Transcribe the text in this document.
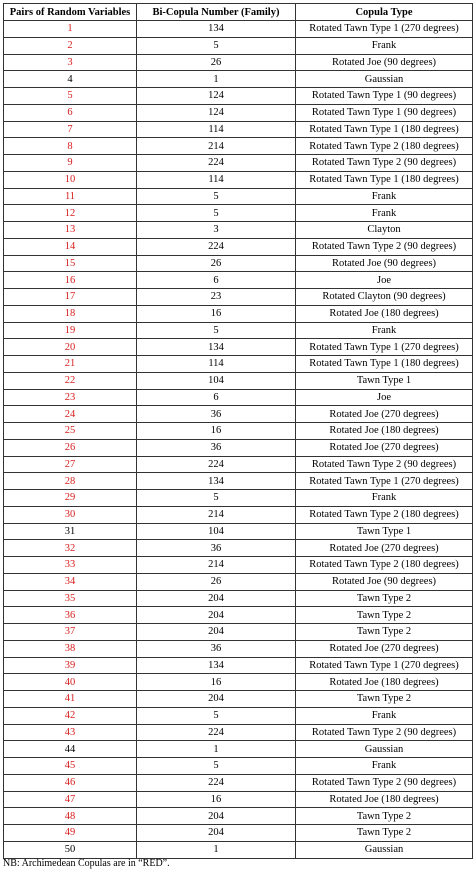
Pairs of Random Variables	Bi-Copula Number (Family)	Copula Type
1	134	Rotated Tawn Type 1 (270 degrees)
2	5	Frank
3	26	Rotated Joe (90 degrees)
4	1	Gaussian
5	124	Rotated Tawn Type 1 (90 degrees)
6	124	Rotated Tawn Type 1 (90 degrees)
7	114	Rotated Tawn Type 1 (180 degrees)
8	214	Rotated Tawn Type 2 (180 degrees)
9	224	Rotated Tawn Type 2 (90 degrees)
10	114	Rotated Tawn Type 1 (180 degrees)
11	5	Frank
12	5	Frank
13	3	Clayton
14	224	Rotated Tawn Type 2 (90 degrees)
15	26	Rotated Joe (90 degrees)
16	6	Joe
17	23	Rotated Clayton (90 degrees)
18	16	Rotated Joe (180 degrees)
19	5	Frank
20	134	Rotated Tawn Type 1 (270 degrees)
21	114	Rotated Tawn Type 1 (180 degrees)
22	104	Tawn Type 1
23	6	Joe
24	36	Rotated Joe (270 degrees)
25	16	Rotated Joe (180 degrees)
26	36	Rotated Joe (270 degrees)
27	224	Rotated Tawn Type 2 (90 degrees)
28	134	Rotated Tawn Type 1 (270 degrees)
29	5	Frank
30	214	Rotated Tawn Type 2 (180 degrees)
31	104	Tawn Type 1
32	36	Rotated Joe (270 degrees)
33	214	Rotated Tawn Type 2 (180 degrees)
34	26	Rotated Joe (90 degrees)
35	204	Tawn Type 2
36	204	Tawn Type 2
37	204	Tawn Type 2
38	36	Rotated Joe (270 degrees)
39	134	Rotated Tawn Type 1 (270 degrees)
40	16	Rotated Joe (180 degrees)
41	204	Tawn Type 2
42	5	Frank
43	224	Rotated Tawn Type 2 (90 degrees)
44	1	Gaussian
45	5	Frank
46	224	Rotated Tawn Type 2 (90 degrees)
47	16	Rotated Joe (180 degrees)
48	204	Tawn Type 2
49	204	Tawn Type 2
50	1	Gaussian
NB: Archimedean Copulas are in “RED”.
